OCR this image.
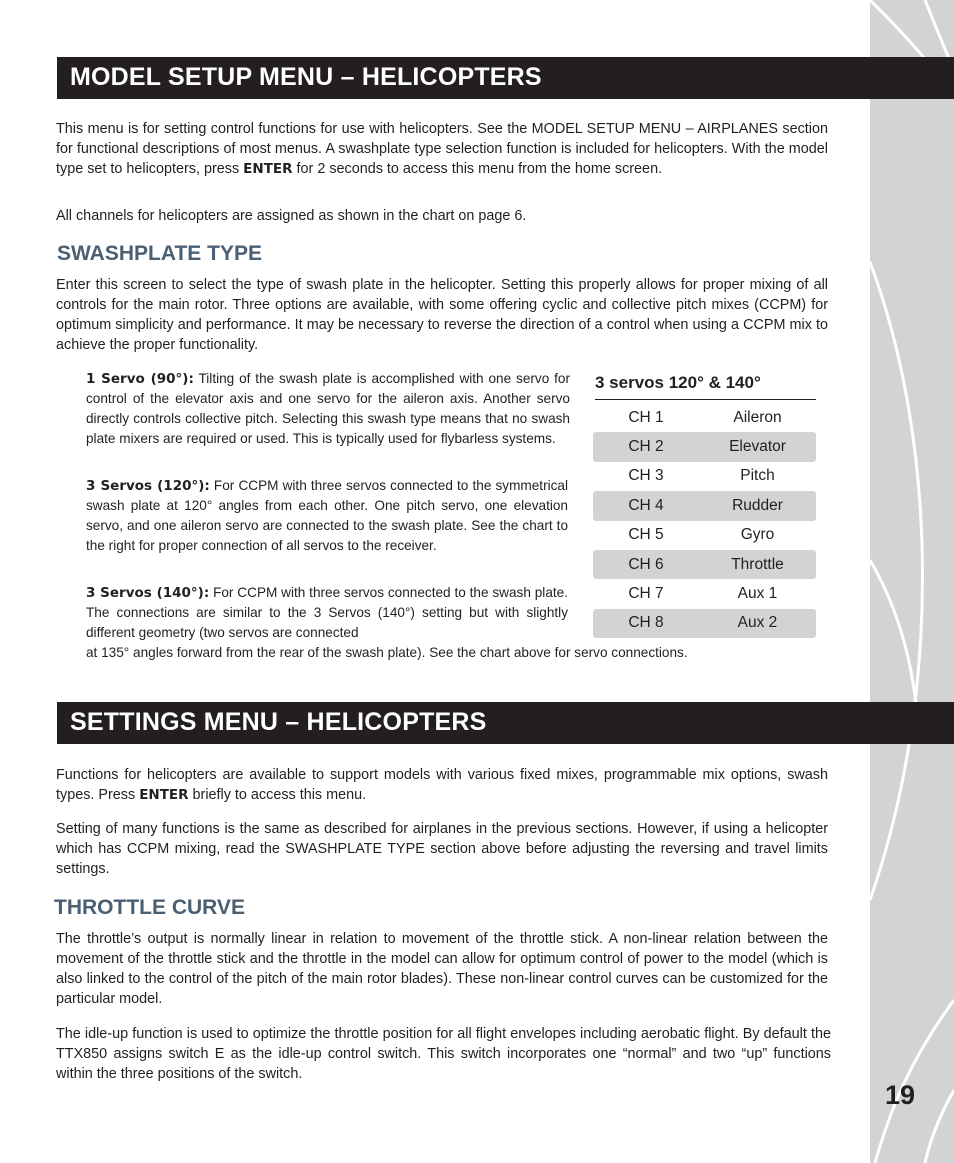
19
MODEL SETUP MENU – HELICOPTERS

This menu is for setting control functions for use with helicopters. See the MODEL SETUP MENU – AIRPLANES section for functional descriptions of most menus. A swashplate type selection function is included for helicopters. With the model type set to helicopters, press ENTER for 2 seconds to access this menu from the home screen.

All channels for helicopters are assigned as shown in the chart on page 6.

SWASHPLATE TYPE

Enter this screen to select the type of swash plate in the helicopter. Setting this properly allows for proper mixing of all controls for the main rotor. Three options are available, with some offering cyclic and collective pitch mixes (CCPM) for optimum simplicity and performance. It may be necessary to reverse the direction of a control when using a CCPM mix to achieve the proper functionality.

1 Servo (90°): Tilting of the swash plate is accomplished with one servo for control of the elevator axis and one servo for the aileron axis. Another servo directly controls collective pitch. Selecting this swash type means that no swash plate mixers are required or used. This is typically used for flybarless systems.

3 Servos (120°): For CCPM with three servos connected to the symmetrical swash plate at 120° angles from each other. One pitch servo, one elevation servo, and one aileron servo are connected to the swash plate. See the chart to the right for proper connection of all servos to the receiver.

3 Servos (140°): For CCPM with three servos connected to the swash plate. The connections are similar to the 3 Servos (140°) setting but with slightly different geometry (two servos are connected

at 135° angles forward from the rear of the swash plate). See the chart above for servo connections.

3 servos 120° & 140°
CH 1	Aileron
CH 2	Elevator
CH 3	Pitch
CH 4	Rudder
CH 5	Gyro
CH 6	Throttle
CH 7	Aux 1
CH 8	Aux 2
SETTINGS MENU – HELICOPTERS

Functions for helicopters are available to support models with various fixed mixes, programmable mix options, swash types. Press ENTER briefly to access this menu.

Setting of many functions is the same as described for airplanes in the previous sections. However, if using a helicopter which has CCPM mixing, read the SWASHPLATE TYPE section above before adjusting the reversing and travel limits settings.

THROTTLE CURVE

The throttle’s output is normally linear in relation to movement of the throttle stick. A non-linear relation between the movement of the throttle stick and the throttle in the model can allow for optimum control of power to the model (which is also linked to the control of the pitch of the main rotor blades). These non-linear control curves can be customized for the particular model.

The idle-up function is used to optimize the throttle position for all flight envelopes including aerobatic flight. By default the TTX850 assigns switch E as the idle-up control switch. This switch incorporates one “normal” and two “up” functions within the three positions of the switch.
